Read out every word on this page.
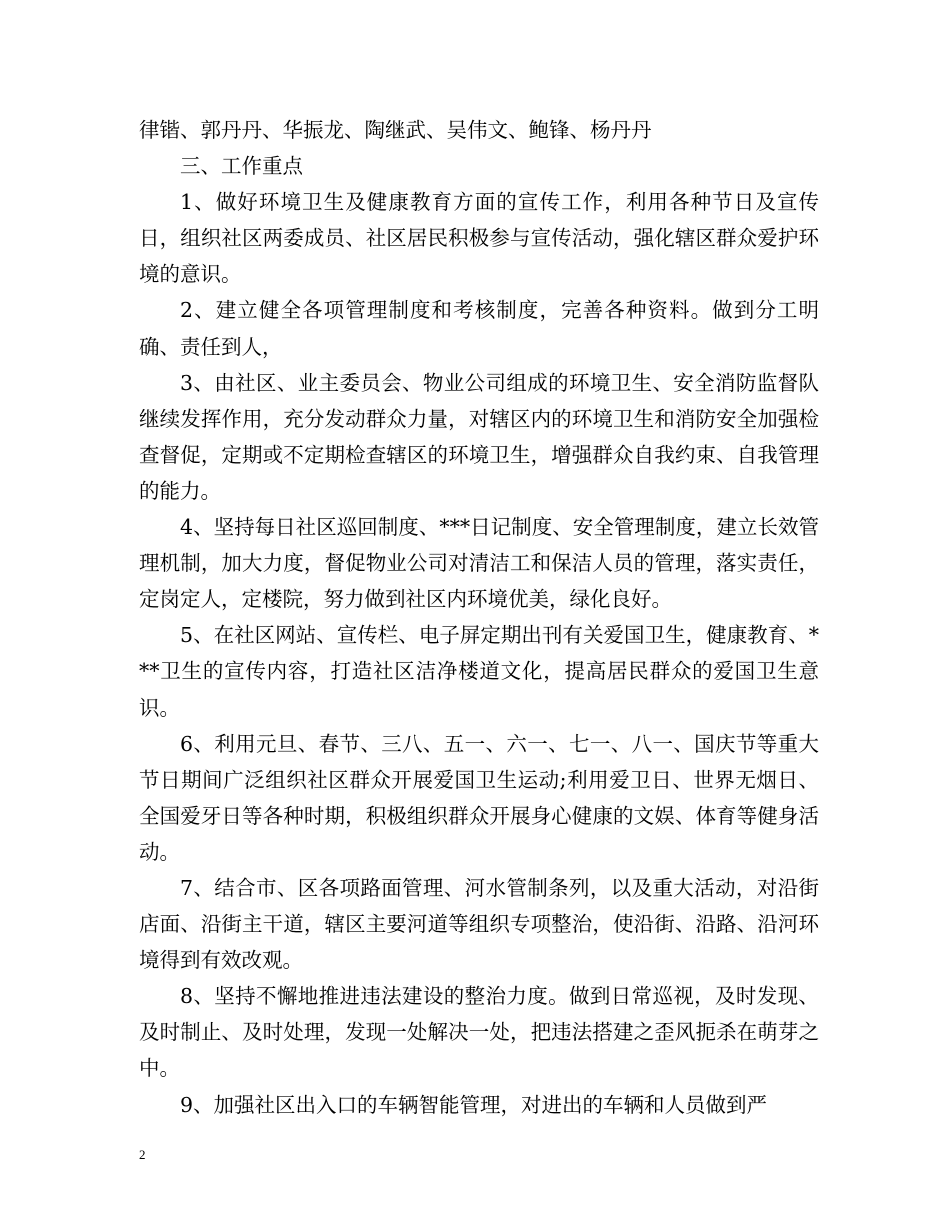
律锴、郭丹丹、华振龙、陶继武、吴伟文、鲍锋、杨丹丹

三、工作重点

1、做好环境卫生及健康教育方面的宣传工作，利用各种节日及宣传日，组织社区两委成员、社区居民积极参与宣传活动，强化辖区群众爱护环境的意识。

2、建立健全各项管理制度和考核制度，完善各种资料。做到分工明确、责任到人，

3、由社区、业主委员会、物业公司组成的环境卫生、安全消防监督队继续发挥作用，充分发动群众力量，对辖区内的环境卫生和消防安全加强检查督促，定期或不定期检查辖区的环境卫生，增强群众自我约束、自我管理的能力。

4、坚持每日社区巡回制度、***日记制度、安全管理制度，建立长效管理机制，加大力度，督促物业公司对清洁工和保洁人员的管理，落实责任，定岗定人，定楼院，努力做到社区内环境优美，绿化良好。

5、在社区网站、宣传栏、电子屏定期出刊有关爱国卫生，健康教育、***卫生的宣传内容，打造社区洁净楼道文化，提高居民群众的爱国卫生意识。

6、利用元旦、春节、三八、五一、六一、七一、八一、国庆节等重大节日期间广泛组织社区群众开展爱国卫生运动;利用爱卫日、世界无烟日、全国爱牙日等各种时期，积极组织群众开展身心健康的文娱、体育等健身活动。

7、结合市、区各项路面管理、河水管制条列，以及重大活动，对沿街店面、沿街主干道，辖区主要河道等组织专项整治，使沿街、沿路、沿河环境得到有效改观。

8、坚持不懈地推进违法建设的整治力度。做到日常巡视，及时发现、及时制止、及时处理，发现一处解决一处，把违法搭建之歪风扼杀在萌芽之中。

9、加强社区出入口的车辆智能管理，对进出的车辆和人员做到严

2
